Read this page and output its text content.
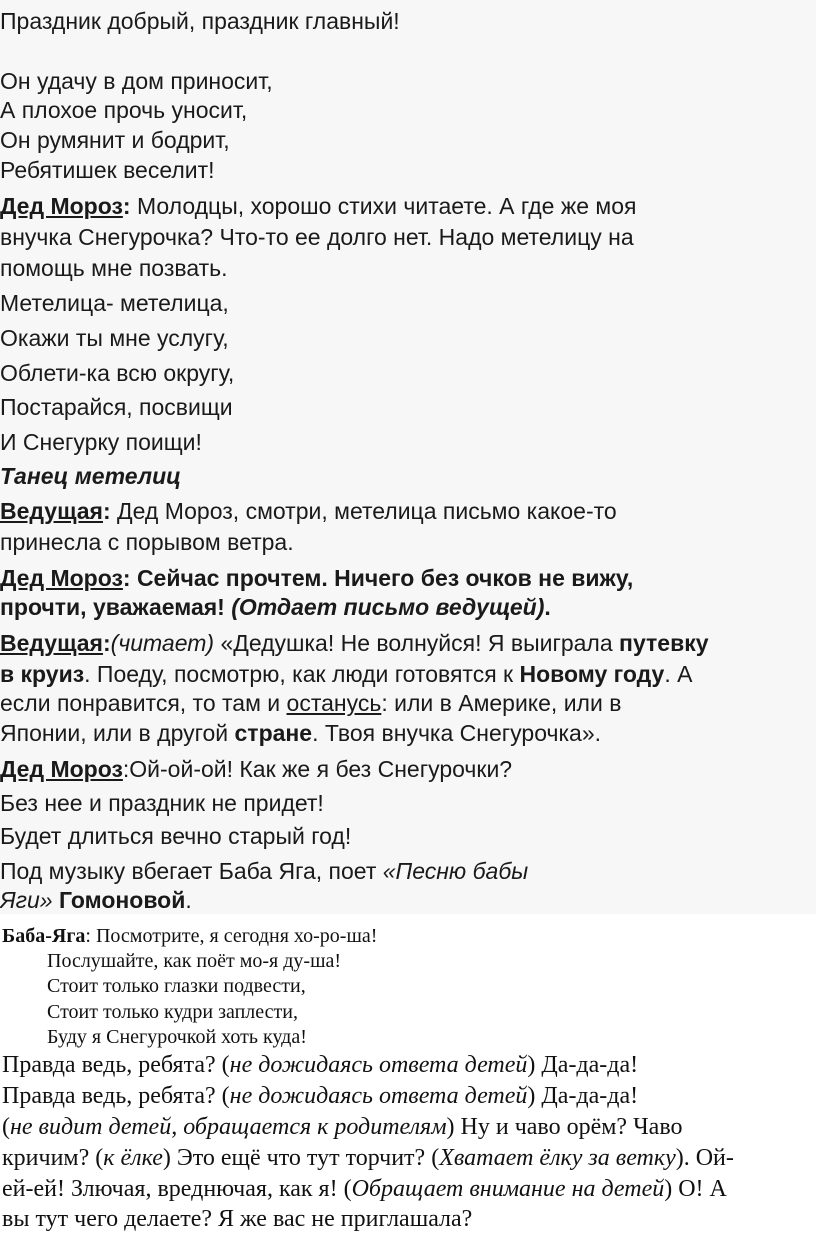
Праздник добрый, праздник главный!
Он удачу в дом приносит,
А плохое прочь уносит,
Он румянит и бодрит,
Ребятишек веселит!
Дед Мороз: Молодцы, хорошо стихи читаете. А где же моя
внучка Снегурочка? Что-то ее долго нет. Надо метелицу на
помощь мне позвать.
Метелица- метелица,
Окажи ты мне услугу,
Облети-ка всю округу,
Постарайся, посвищи
И Снегурку поищи!
Танец метелиц
Ведущая: Дед Мороз, смотри, метелица письмо какое-то
принесла с порывом ветра.
Дед Мороз: Сейчас прочтем. Ничего без очков не вижу,
прочти, уважаемая! (Отдает письмо ведущей).
Ведущая:(читает) «Дедушка! Не волнуйся! Я выиграла путевку
в круиз. Поеду, посмотрю, как люди готовятся к Новому году. А
если понравится, то там и останусь: или в Америке, или в
Японии, или в другой стране. Твоя внучка Снегурочка».
Дед Мороз:Ой-ой-ой! Как же я без Снегурочки?
Без нее и праздник не придет!
Будет длиться вечно старый год!
Под музыку вбегает Баба Яга, поет «Песню бабы
Яги» Гомоновой.
Баба-Яга: Посмотрите, я сегодня хо-ро-ша!
Послушайте, как поёт мо-я ду-ша!
Стоит только глазки подвести,
Стоит только кудри заплести,
Буду я Снегурочкой хоть куда!
Правда ведь, ребята? (не дожидаясь ответа детей) Да-да-да!
Правда ведь, ребята? (не дожидаясь ответа детей) Да-да-да!
(не видит детей, обращается к родителям) Ну и чаво орём? Чаво
кричим? (к ёлке) Это ещё что тут торчит? (Хватает ёлку за ветку). Ой-
ей-ей! Злючая, вреднючая, как я! (Обращает внимание на детей) О! А
вы тут чего делаете? Я же вас не приглашала?
